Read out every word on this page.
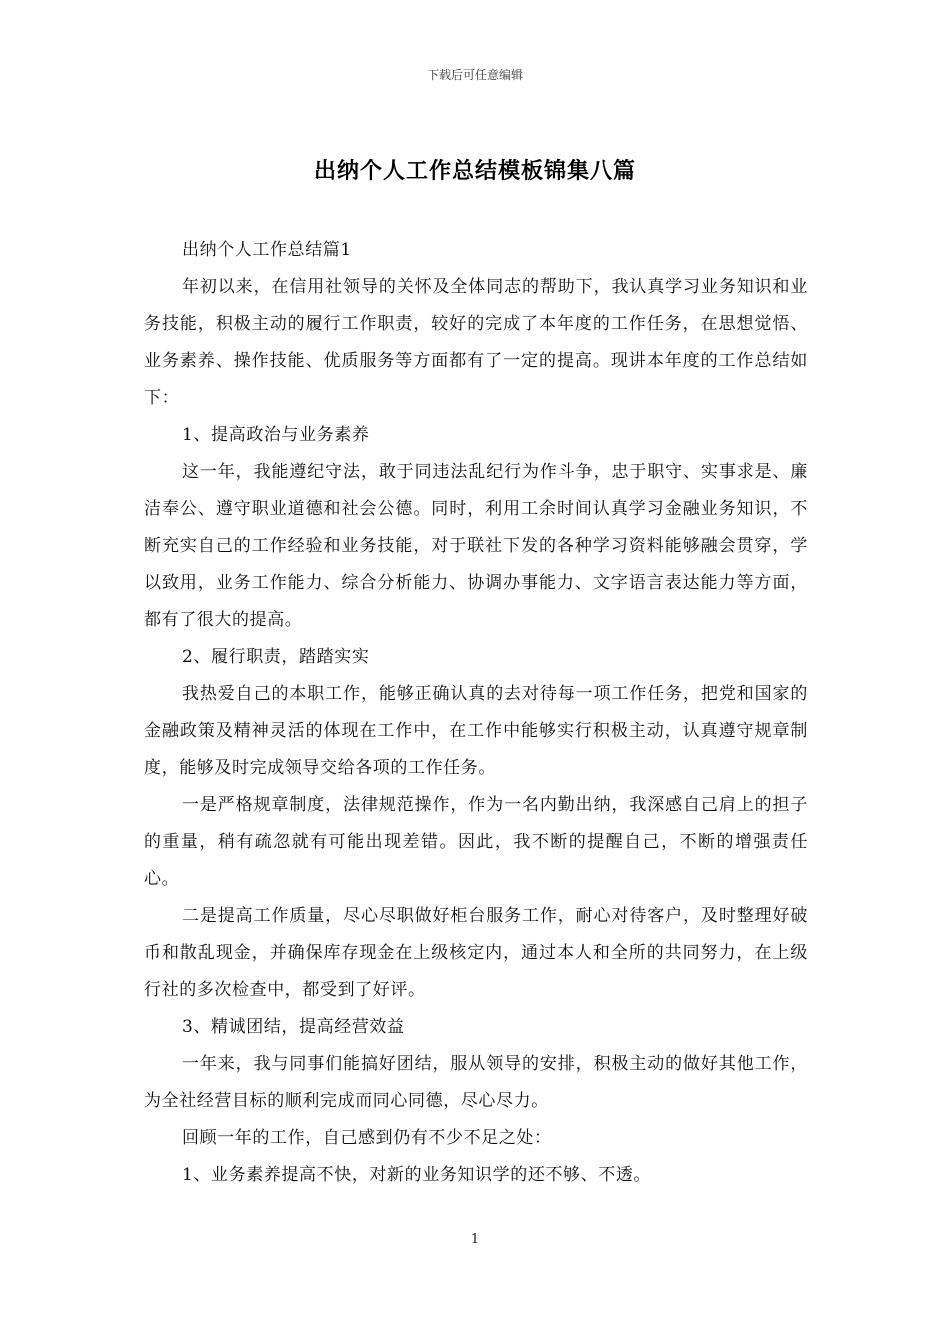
下载后可任意编辑
出纳个人工作总结模板锦集八篇

出纳个人工作总结篇1

年初以来，在信用社领导的关怀及全体同志的帮助下，我认真学习业务知识和业务技能，积极主动的履行工作职责，较好的完成了本年度的工作任务，在思想觉悟、业务素养、操作技能、优质服务等方面都有了一定的提高。现讲本年度的工作总结如下：

1、提高政治与业务素养

这一年，我能遵纪守法，敢于同违法乱纪行为作斗争，忠于职守、实事求是、廉洁奉公、遵守职业道德和社会公德。同时，利用工余时间认真学习金融业务知识，不断充实自己的工作经验和业务技能，对于联社下发的各种学习资料能够融会贯穿，学以致用，业务工作能力、综合分析能力、协调办事能力、文字语言表达能力等方面，都有了很大的提高。

2、履行职责，踏踏实实

我热爱自己的本职工作，能够正确认真的去对待每一项工作任务，把党和国家的金融政策及精神灵活的体现在工作中，在工作中能够实行积极主动，认真遵守规章制度，能够及时完成领导交给各项的工作任务。

一是严格规章制度，法律规范操作，作为一名内勤出纳，我深感自己肩上的担子的重量，稍有疏忽就有可能出现差错。因此，我不断的提醒自己，不断的增强责任心。

二是提高工作质量，尽心尽职做好柜台服务工作，耐心对待客户，及时整理好破币和散乱现金，并确保库存现金在上级核定内，通过本人和全所的共同努力，在上级行社的多次检查中，都受到了好评。

3、精诚团结，提高经营效益

一年来，我与同事们能搞好团结，服从领导的安排，积极主动的做好其他工作，为全社经营目标的顺利完成而同心同德，尽心尽力。

回顾一年的工作，自己感到仍有不少不足之处：

1、业务素养提高不快，对新的业务知识学的还不够、不透。

1
